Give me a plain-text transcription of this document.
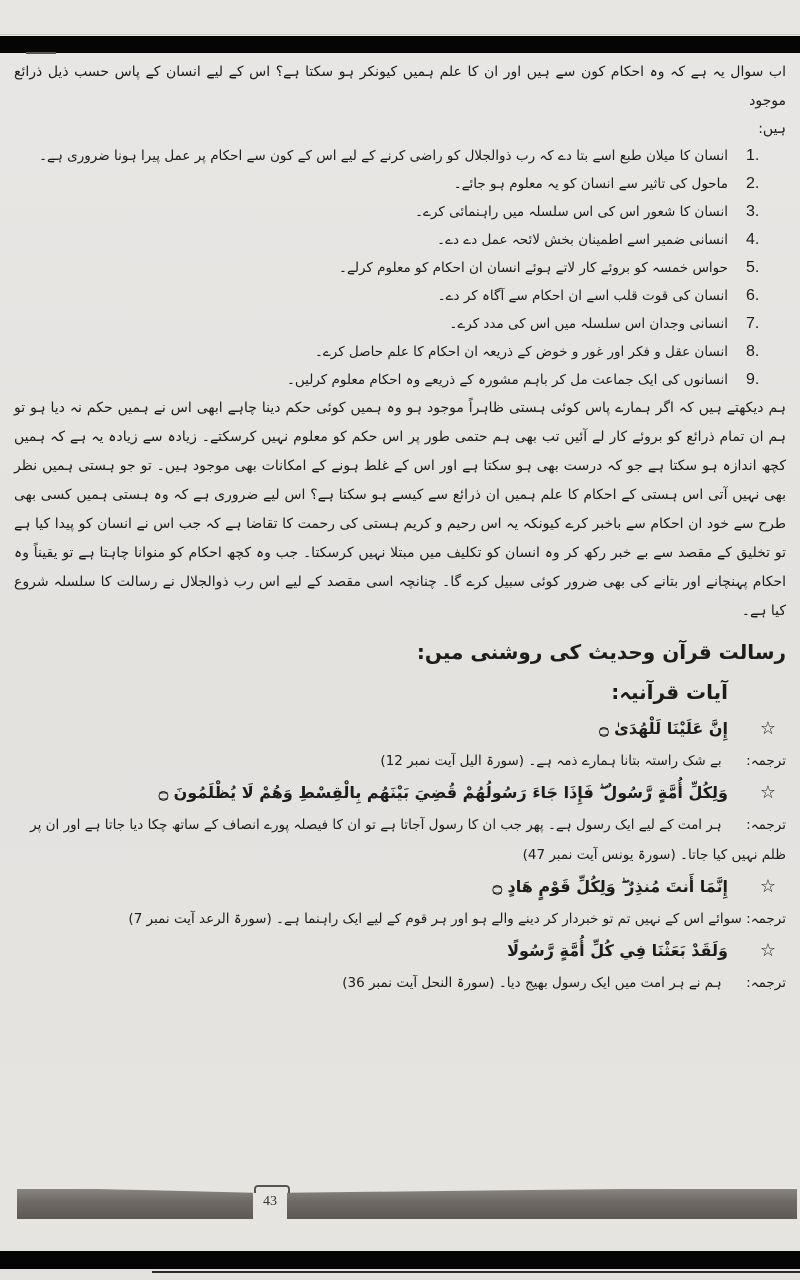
اب سوال یہ ہے کہ وہ احکام کون سے ہیں اور ان کا علم ہمیں کیونکر ہو سکتا ہے؟ اس کے لیے انسان کے پاس حسب ذیل ذرائع موجود

ہیں:

1.
انسان کا میلان طبع اسے بتا دے کہ رب ذوالجلال کو راضی کرنے کے لیے اس کے کون سے احکام پر عمل پیرا ہونا ضروری ہے۔
2.
ماحول کی تاثیر سے انسان کو یہ معلوم ہو جائے۔
3.
انسان کا شعور اس کی اس سلسلہ میں راہنمائی کرے۔
4.
انسانی ضمیر اسے اطمینان بخش لائحہ عمل دے دے۔
5.
حواس خمسہ کو بروئے کار لاتے ہوئے انسان ان احکام کو معلوم کرلے۔
6.
انسان کی قوت قلب اسے ان احکام سے آگاہ کر دے۔
7.
انسانی وجدان اس سلسلہ میں اس کی مدد کرے۔
8.
انسان عقل و فکر اور غور و خوض کے ذریعہ ان احکام کا علم حاصل کرے۔
9.
انسانوں کی ایک جماعت مل کر باہم مشورہ کے ذریعے وہ احکام معلوم کرلیں۔

ہم دیکھتے ہیں کہ اگر ہمارے پاس کوئی ہستی ظاہراً موجود ہو وہ ہمیں کوئی حکم دینا چاہے ابھی اس نے ہمیں حکم نہ دیا ہو تو ہم ان تمام ذرائع کو بروئے کار لے آئیں تب بھی ہم حتمی طور پر اس حکم کو معلوم نہیں کرسکتے۔ زیادہ سے زیادہ یہ ہے کہ ہمیں کچھ اندازہ ہو سکتا ہے جو کہ درست بھی ہو سکتا ہے اور اس کے غلط ہونے کے امکانات بھی موجود ہیں۔ تو جو ہستی ہمیں نظر بھی نہیں آتی اس ہستی کے احکام کا علم ہمیں ان ذرائع سے کیسے ہو سکتا ہے؟ اس لیے ضروری ہے کہ وہ ہستی ہمیں کسی بھی طرح سے خود ان احکام سے باخبر کرے کیونکہ یہ اس رحیم و کریم ہستی کی رحمت کا تقاضا ہے کہ جب اس نے انسان کو پیدا کیا ہے تو تخلیق کے مقصد سے بے خبر رکھ کر وہ انسان کو تکلیف میں مبتلا نہیں کرسکتا۔ جب وہ کچھ احکام کو منوانا چاہتا ہے تو یقیناً وہ احکام پہنچانے اور بتانے کی بھی ضرور کوئی سبیل کرے گا۔ چنانچہ اسی مقصد کے لیے اس رب ذوالجلال نے رسالت کا سلسلہ شروع کیا ہے۔

رسالت قرآن وحدیث کی روشنی میں:
آیات قرآنیہ:

☆
إِنَّ عَلَيْنَا لَلْهُدَىٰ ۝

ترجمہ: بے شک راستہ بتانا ہمارے ذمہ ہے۔ (سورۃ الیل آیت نمبر 12)

☆
وَلِكُلِّ أُمَّةٍ رَّسُولٌ ۖ فَإِذَا جَاءَ رَسُولُهُمْ قُضِيَ بَيْنَهُم بِالْقِسْطِ وَهُمْ لَا يُظْلَمُونَ ۝

ترجمہ: ہر امت کے لیے ایک رسول ہے۔ پھر جب ان کا رسول آجاتا ہے تو ان کا فیصلہ پورے انصاف کے ساتھ چکا دیا جاتا ہے اور ان پر ظلم نہیں کیا جاتا۔ (سورۃ یونس آیت نمبر 47)

☆
إِنَّمَا أَنتَ مُنذِرٌ ۖ وَلِكُلِّ قَوْمٍ هَادٍ ۝

ترجمہ: سوائے اس کے نہیں تم تو خبردار کر دینے والے ہو اور ہر قوم کے لیے ایک راہنما ہے۔ (سورۃ الرعد آیت نمبر 7)

☆
وَلَقَدْ بَعَثْنَا فِي كُلِّ أُمَّةٍ رَّسُولًا

ترجمہ: ہم نے ہر امت میں ایک رسول بھیج دیا۔ (سورۃ النحل آیت نمبر 36)

43
